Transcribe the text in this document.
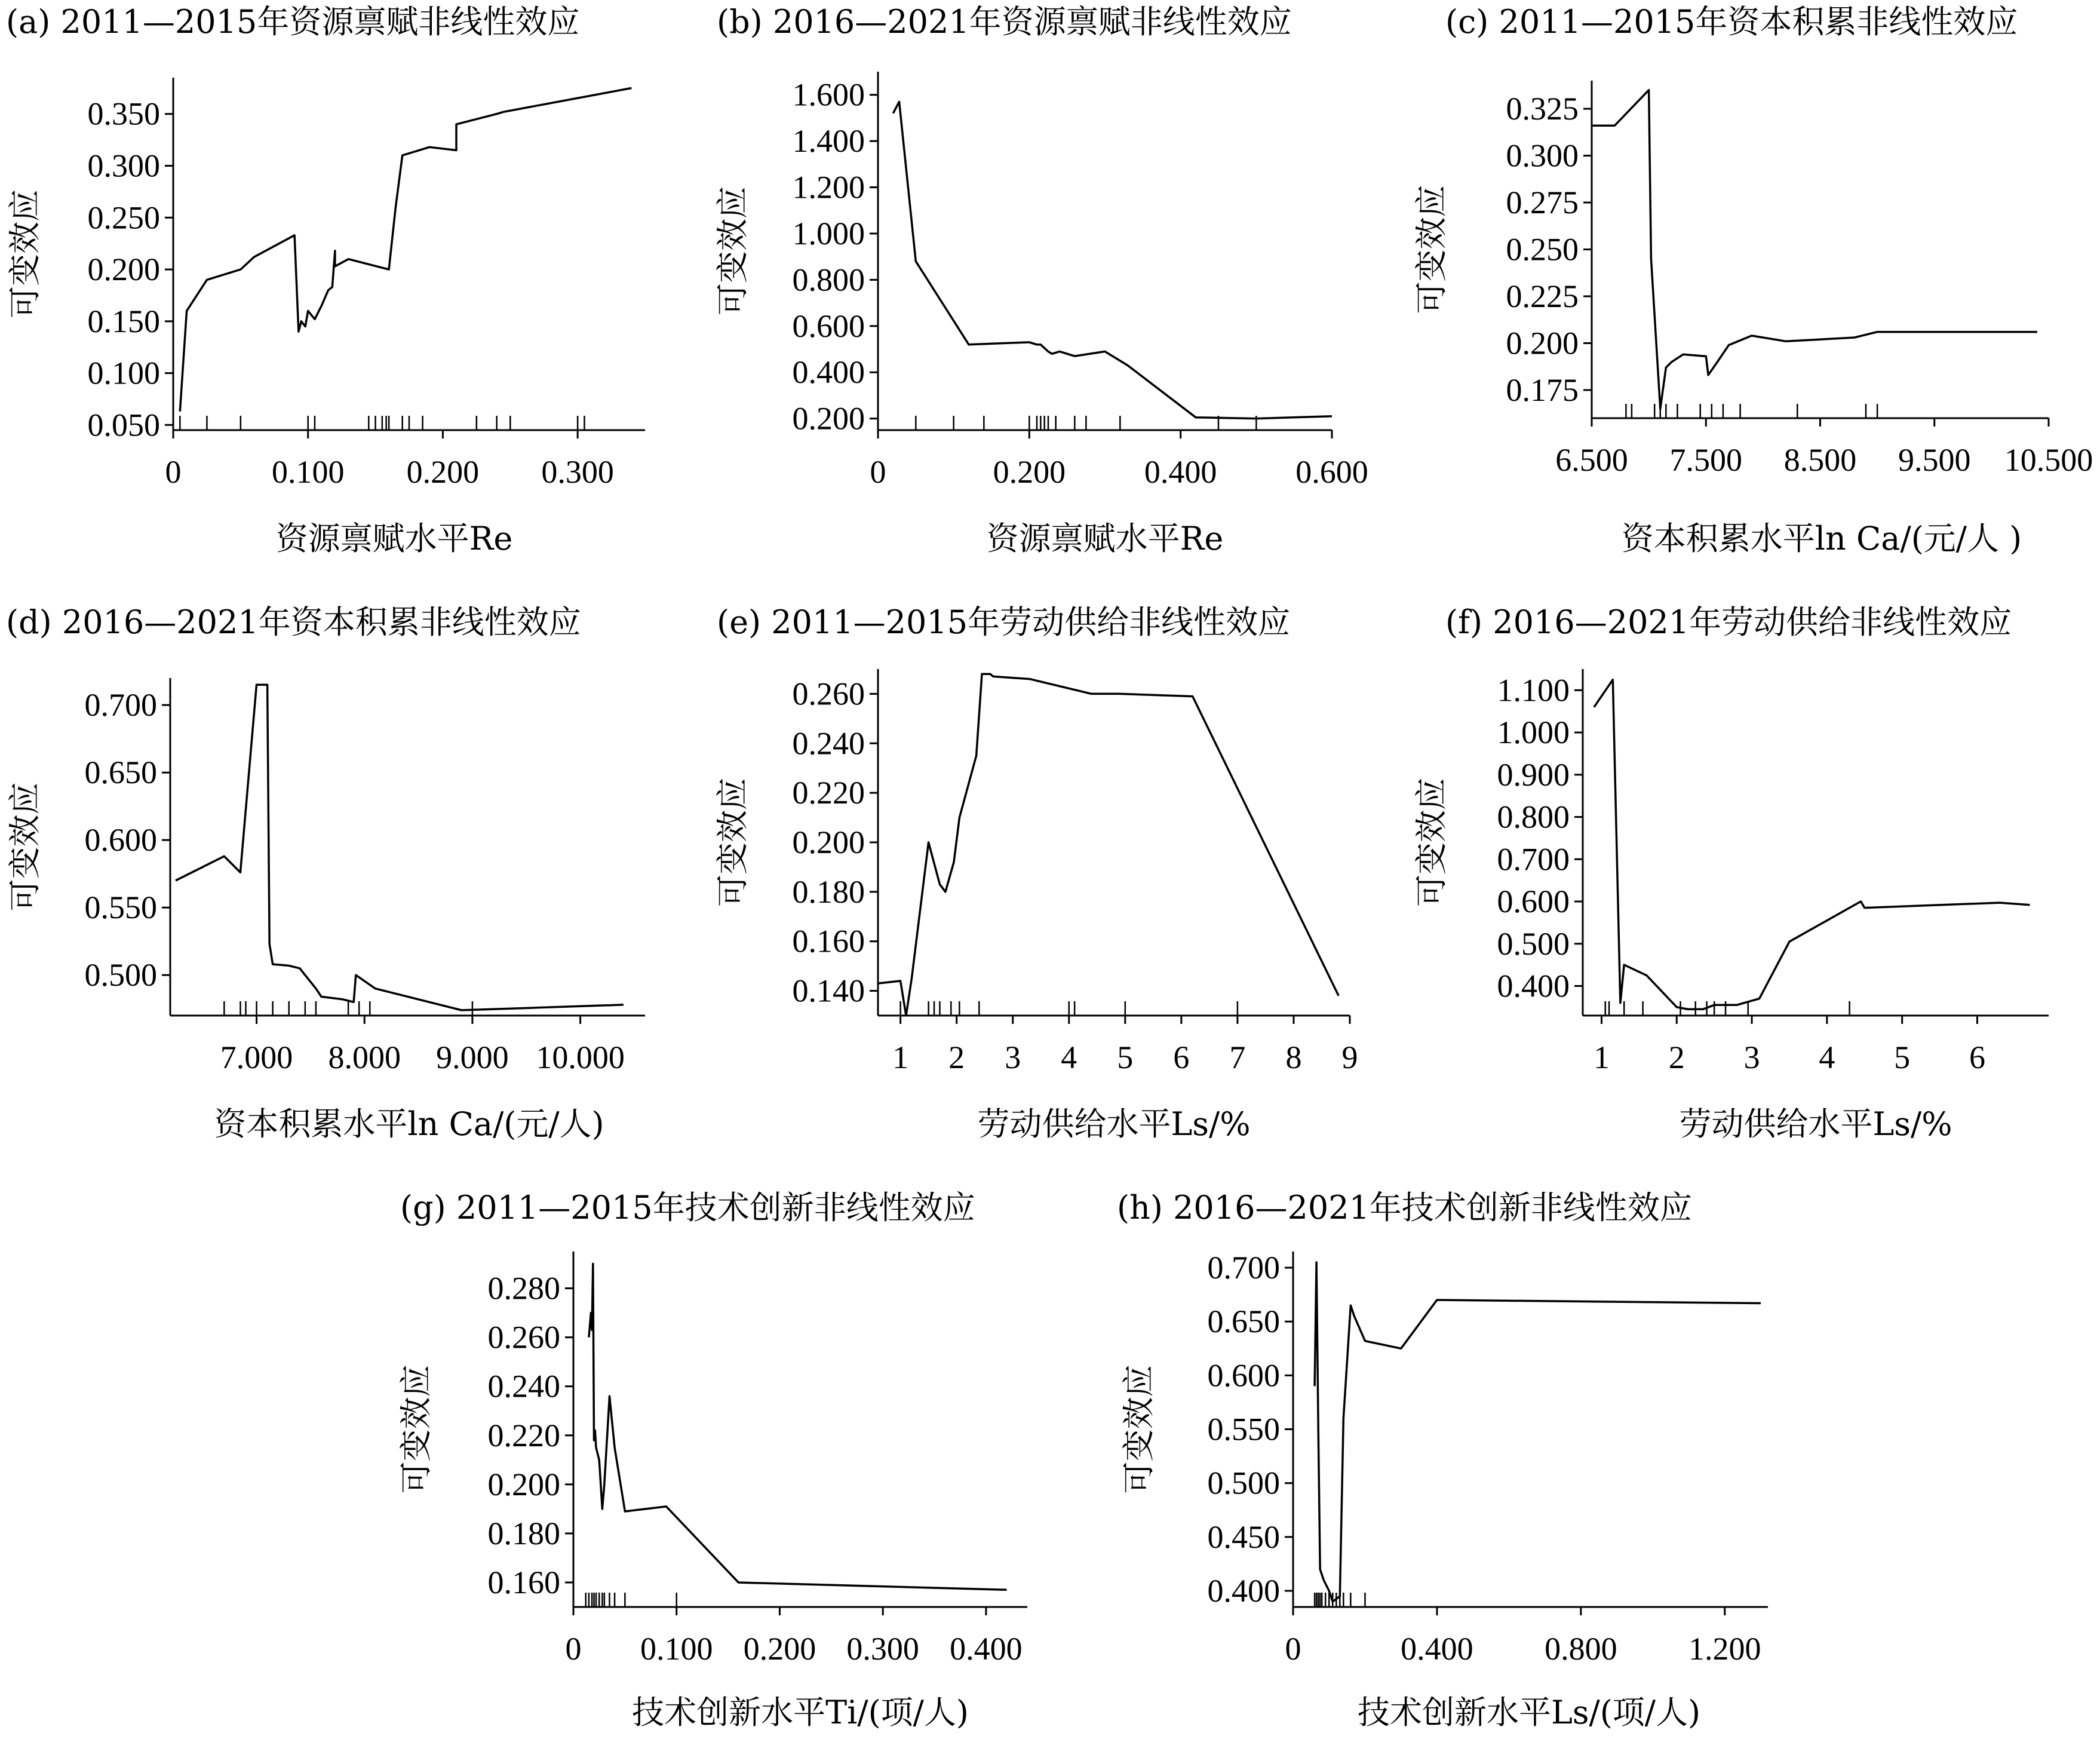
(a) 2011—2015年资源禀赋非线性效应
0.050
0.100
0.150
0.200
0.250
0.300
0.350
0	0.100 0.200 0.300
资源禀赋水平Re
可变效应
(b) 2016—2021年资源禀赋非线性效应
0.200
0.400
0.600
0.800
1.000
1.200
1.400
1.600
0	0.200 0.400 0.600
资源禀赋水平Re
可变效应
(c) 2011—2015年资本积累非线性效应
0.175
0.200
0.225
0.250
0.275
0.300
0.325
6.500 7.500 8.500 9.500 10.500
资本积累水平ln Ca/(元/人 )
可变效应
(d) 2016—2021年资本积累非线性效应
0.500
0.550
0.600
0.650
0.700
7.000 8.000 9.000 10.000
资本积累水平ln Ca/(元/人)
可变效应
(e) 2011—2015年劳动供给非线性效应
0.140
0.160
0.180
0.200
0.220
0.240
0.260
1 2 3 4 5 6 7 8 9
劳动供给水平Ls/%
可变效应
(f) 2016—2021年劳动供给非线性效应
0.400
0.500
0.600
0.700
0.800
0.900
1.000
1.100
1 2 3 4 5 6
劳动供给水平Ls/%
可变效应
(g) 2011—2015年技术创新非线性效应
0.160
0.180
0.200
0.220
0.240
0.260
0.280
0 0.100 0.200 0.300 0.400
技术创新水平Ti/(项/人)
可变效应
(h) 2016—2021年技术创新非线性效应
0.400
0.450
0.500
0.550
0.600
0.650
0.700
0	0.400 0.800 1.200
技术创新水平Ls/(项/人)
可变效应
